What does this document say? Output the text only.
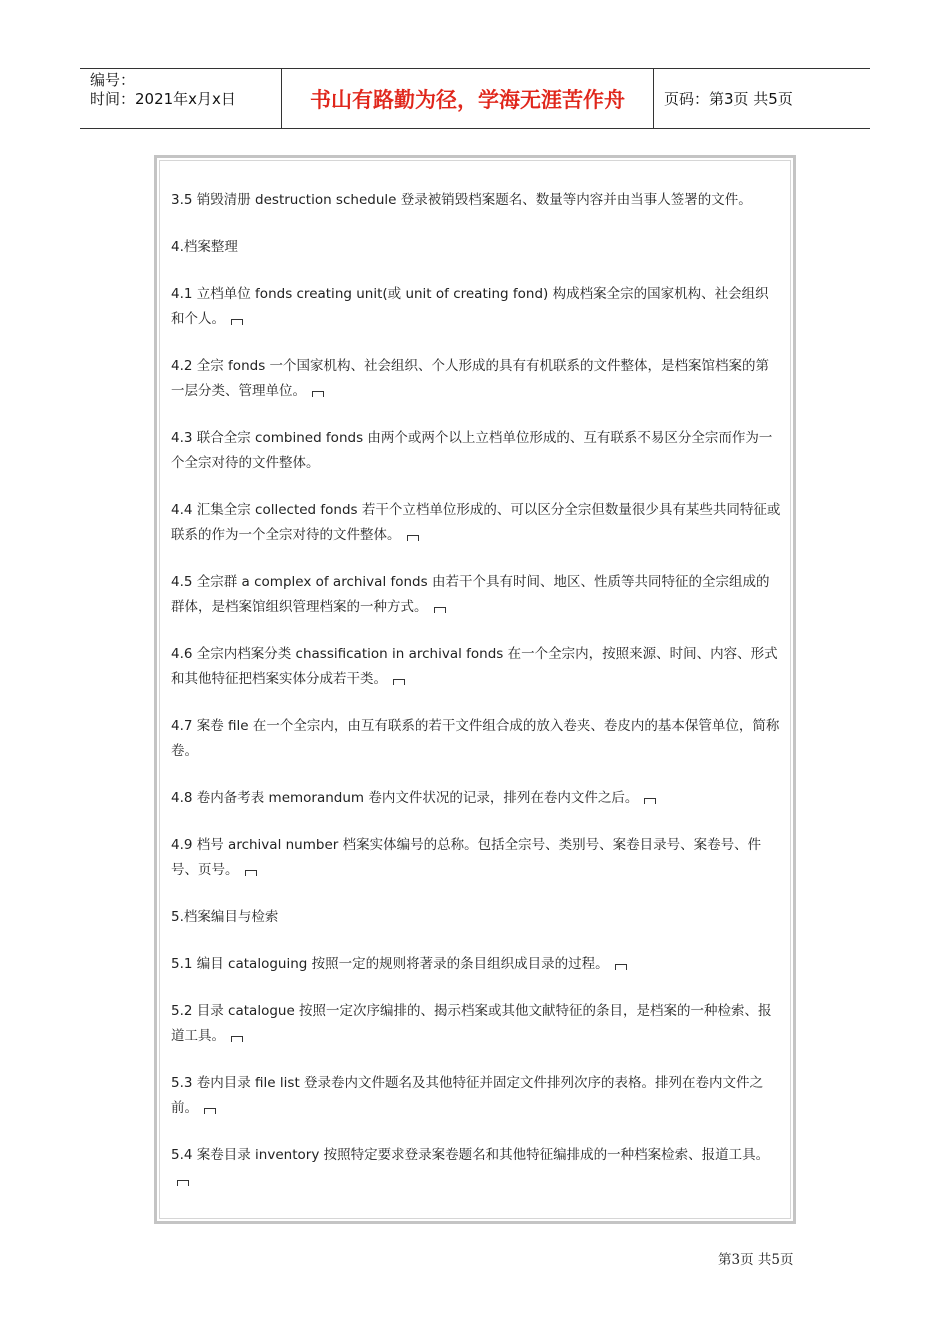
编号：
时间：2021年x月x日	书山有路勤为径，学海无涯苦作舟	页码：第3页 共5页

3.5 销毁清册 destruction schedule 登录被销毁档案题名、数量等内容并由当事人签署的文件。

4.档案整理

4.1 立档单位 fonds creating unit(或 unit of creating fond) 构成档案全宗的国家机构、社会组织和个人。

4.2 全宗 fonds 一个国家机构、社会组织、个人形成的具有有机联系的文件整体，是档案馆档案的第一层分类、管理单位。

4.3 联合全宗 combined fonds 由两个或两个以上立档单位形成的、互有联系不易区分全宗而作为一个全宗对待的文件整体。

4.4 汇集全宗 collected fonds 若干个立档单位形成的、可以区分全宗但数量很少具有某些共同特征或联系的作为一个全宗对待的文件整体。

4.5 全宗群 a complex of archival fonds 由若干个具有时间、地区、性质等共同特征的全宗组成的群体，是档案馆组织管理档案的一种方式。

4.6 全宗内档案分类 chassification in archival fonds 在一个全宗内，按照来源、时间、内容、形式和其他特征把档案实体分成若干类。

4.7 案卷 file 在一个全宗内，由互有联系的若干文件组合成的放入卷夹、卷皮内的基本保管单位，简称卷。

4.8 卷内备考表 memorandum 卷内文件状况的记录，排列在卷内文件之后。

4.9 档号 archival number 档案实体编号的总称。包括全宗号、类别号、案卷目录号、案卷号、件号、页号。

5.档案编目与检索

5.1 编目 cataloguing 按照一定的规则将著录的条目组织成目录的过程。

5.2 目录 catalogue 按照一定次序编排的、揭示档案或其他文献特征的条目，是档案的一种检索、报道工具。

5.3 卷内目录 file list 登录卷内文件题名及其他特征并固定文件排列次序的表格。排列在卷内文件之前。

5.4 案卷目录 inventory 按照特定要求登录案卷题名和其他特征编排成的一种档案检索、报道工具。

第3页 共5页
